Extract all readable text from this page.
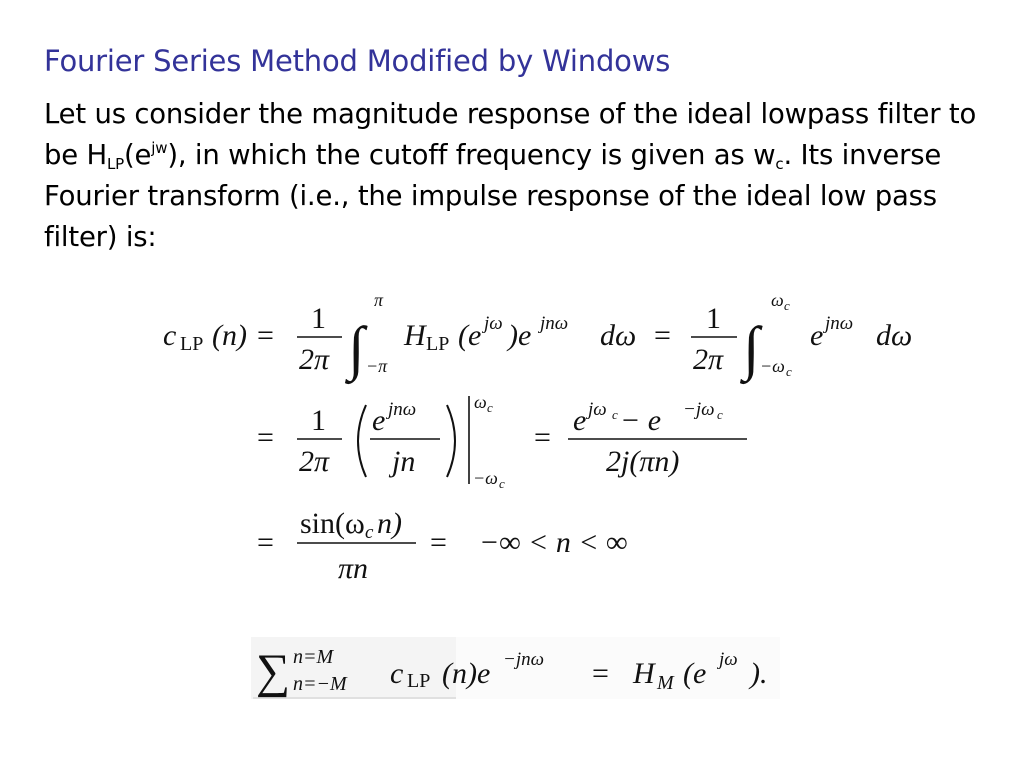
Fourier Series Method Modified by Windows
Let us consider the magnitude response of the ideal lowpass filter to be $H_{LP}(e^{jw})$, in which the cutoff frequency is given as $w_c$. Its inverse Fourier transform (i.e., the impulse response of the ideal low pass filter) is:
c LP (n) =
1
2π ∫
π
−π
H LP (e jω )e jnω dω =
1
2π ∫
ω c
−ω c
e jnω dω
=
1
2π
e jnω
jn
ω c
−ω c
=
e jω c − e −jω c
2j(πn)
=
sin(ω c n)
πn
= −∞ < n < ∞
∑ n=M
n=−M c LP (n)e −jnω = H M (e jω ).
